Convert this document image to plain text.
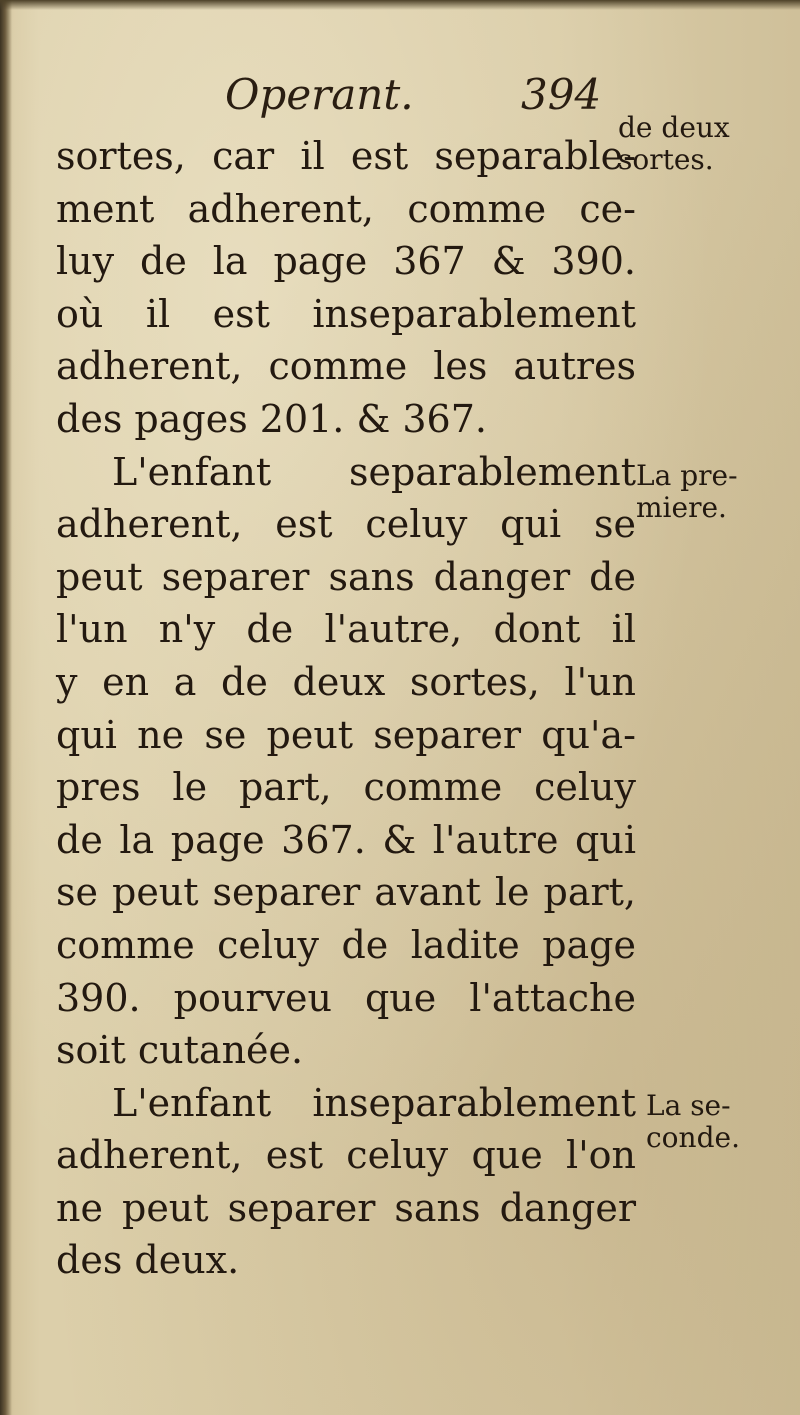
Operant.	394
sortes, car il est separable-
ment adherent, comme ce-
luy de la page 367 & 390.
où il est inseparablement
adherent, comme les autres
des pages 201. & 367.
L'enfant separablement
adherent, est celuy qui se
peut separer sans danger de
l'un n'y de l'autre, dont il
y en a de deux sortes, l'un
qui ne se peut separer qu'a-
pres le part, comme celuy
de la page 367. & l'autre qui
se peut separer avant le part,
comme celuy de ladite page
390. pourveu que l'attache
soit cutanée.
L'enfant inseparablement
adherent, est celuy que l'on
ne peut separer sans danger
des deux.
de deux
sortes.
La pre-
miere.
La se-
conde.
